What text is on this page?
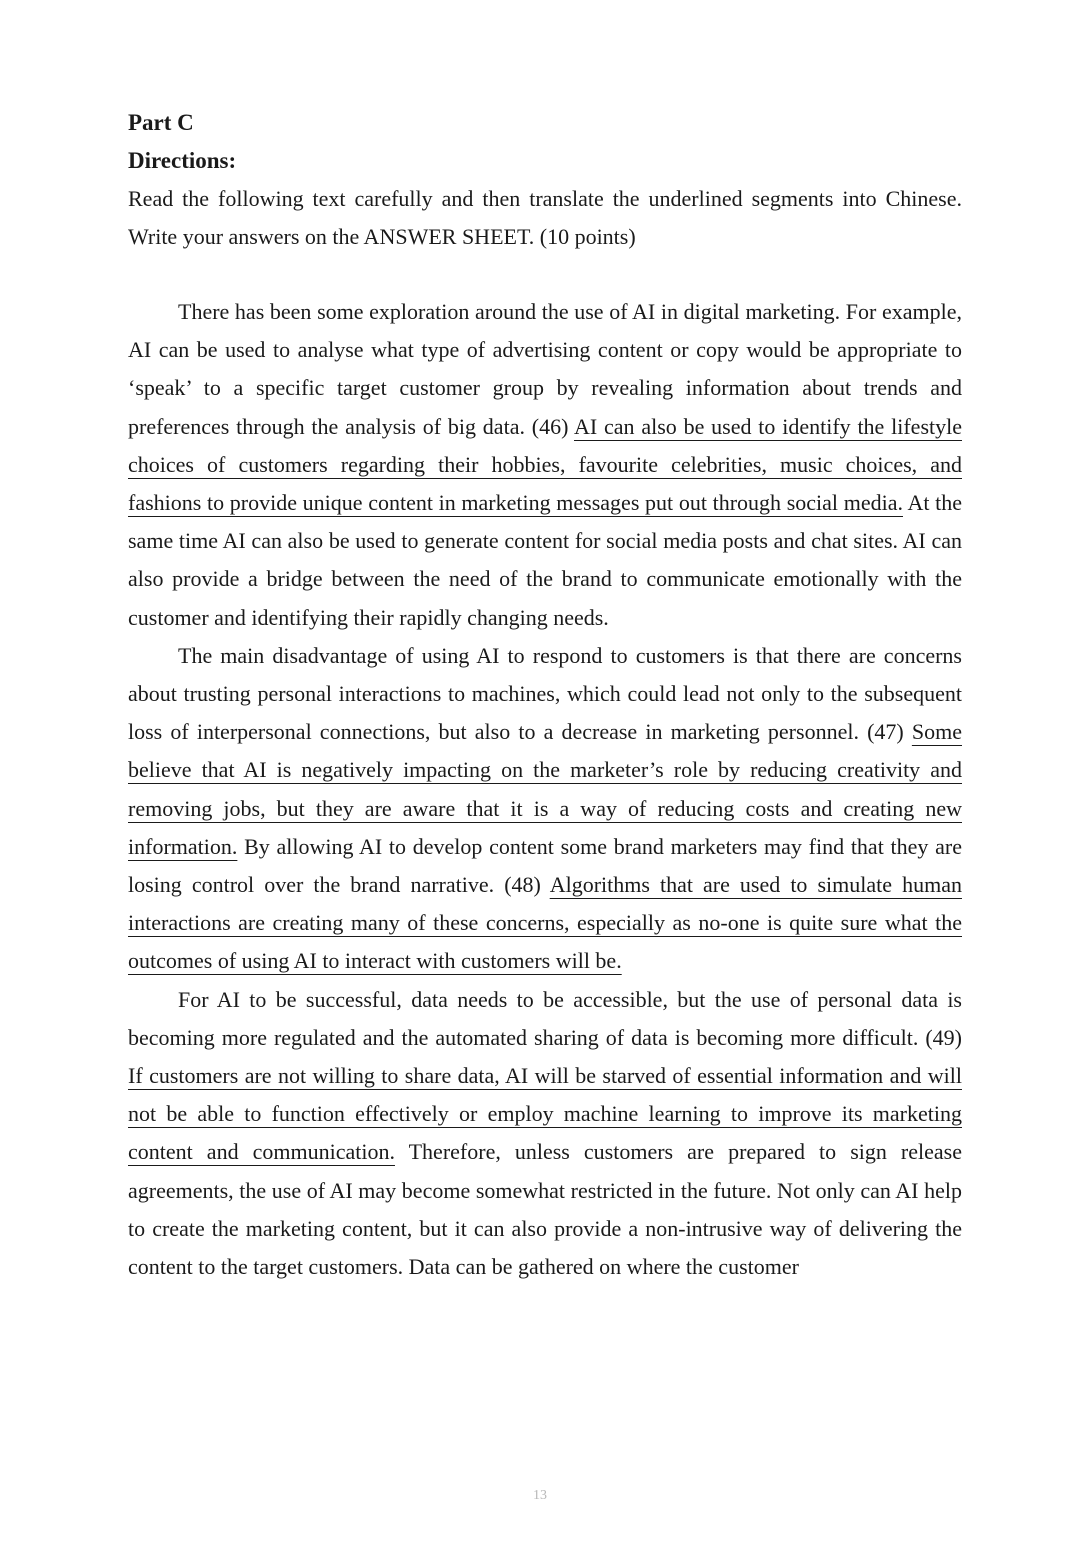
Part C
Directions:
Read the following text carefully and then translate the underlined segments into Chinese. Write your answers on the ANSWER SHEET. (10 points)

There has been some exploration around the use of AI in digital marketing. For example, AI can be used to analyse what type of advertising content or copy would be appropriate to ‘speak’ to a specific target customer group by revealing information about trends and preferences through the analysis of big data. (46) AI can also be used to identify the lifestyle choices of customers regarding their hobbies, favourite celebrities, music choices, and fashions to provide unique content in marketing messages put out through social media. At the same time AI can also be used to generate content for social media posts and chat sites. AI can also provide a bridge between the need of the brand to communicate emotionally with the customer and identifying their rapidly changing needs.

The main disadvantage of using AI to respond to customers is that there are concerns about trusting personal interactions to machines, which could lead not only to the subsequent loss of interpersonal connections, but also to a decrease in marketing personnel. (47) Some believe that AI is negatively impacting on the marketer’s role by reducing creativity and removing jobs, but they are aware that it is a way of reducing costs and creating new information. By allowing AI to develop content some brand marketers may find that they are losing control over the brand narrative. (48) Algorithms that are used to simulate human interactions are creating many of these concerns, especially as no-one is quite sure what the outcomes of using AI to interact with customers will be.

For AI to be successful, data needs to be accessible, but the use of personal data is becoming more regulated and the automated sharing of data is becoming more difficult. (49) If customers are not willing to share data, AI will be starved of essential information and will not be able to function effectively or employ machine learning to improve its marketing content and communication. Therefore, unless customers are prepared to sign release agreements, the use of AI may become somewhat restricted in the future. Not only can AI help to create the marketing content, but it can also provide a non-intrusive way of delivering the content to the target customers. Data can be gathered on where the customer

13
